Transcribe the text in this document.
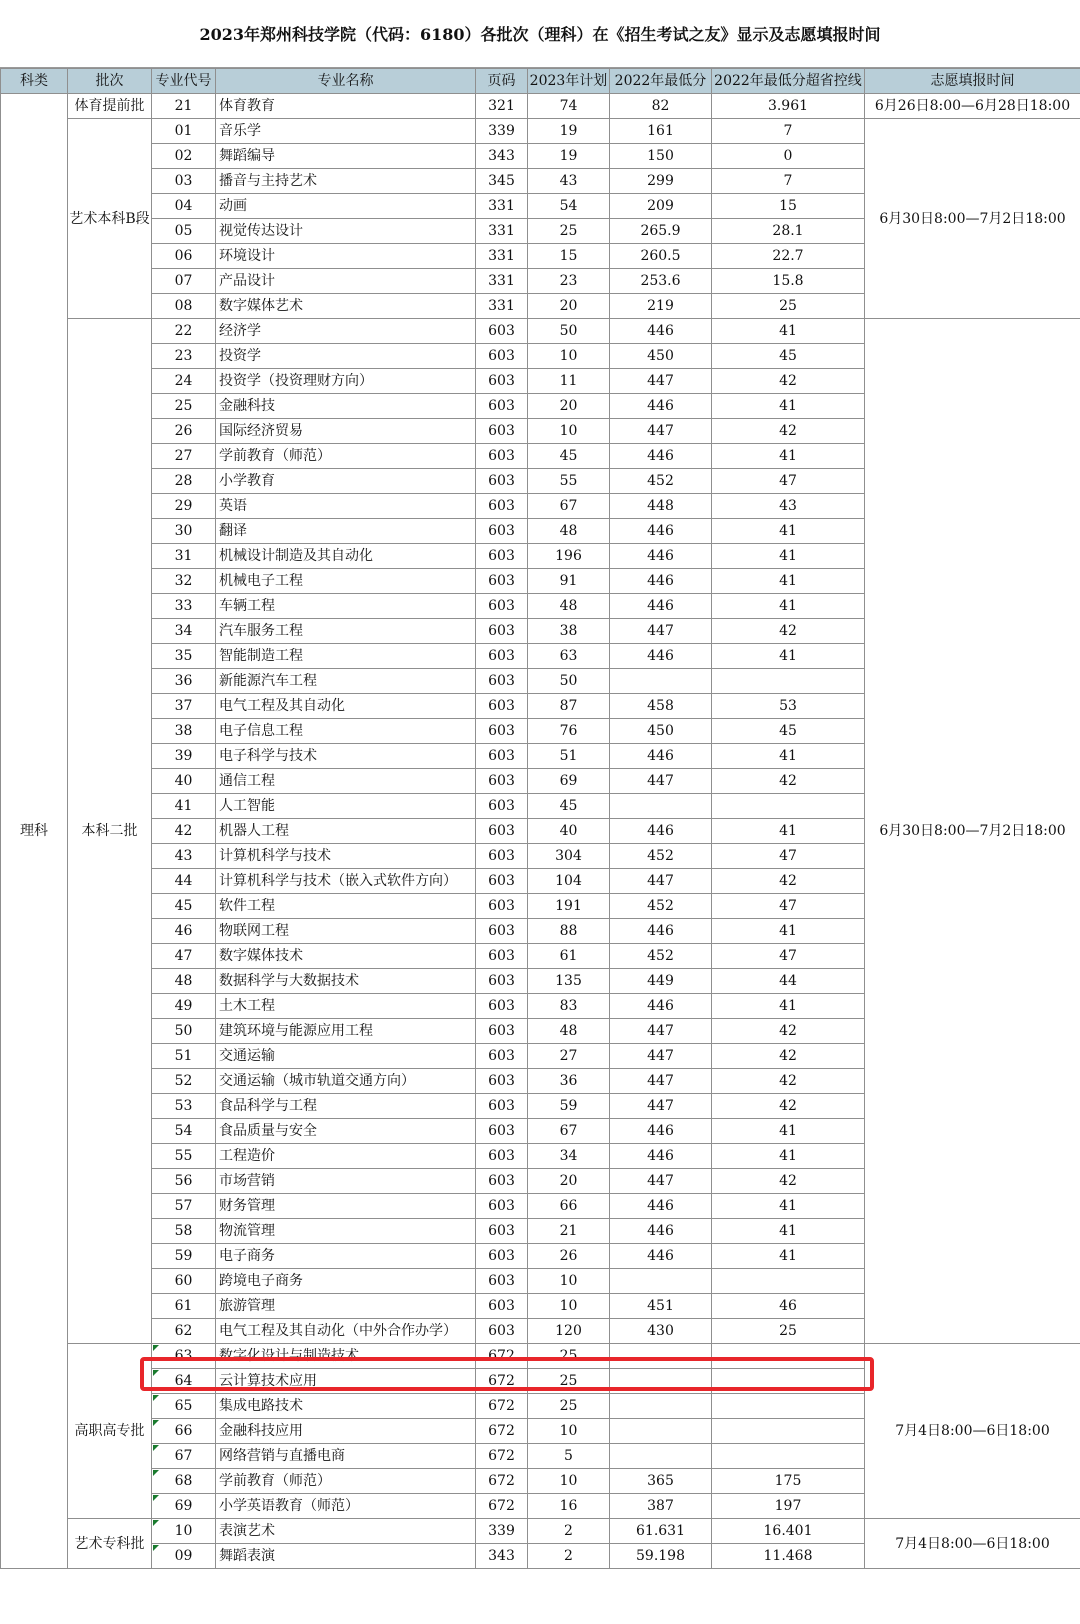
2023年郑州科技学院（代码：6180）各批次（理科）在《招生考试之友》显示及志愿填报时间
科类	批次	专业代号	专业名称	页码	2023年计划	2022年最低分	2022年最低分超省控线	志愿填报时间
理科	体育提前批	21	体育教育	321	74	82	3.961	6月26日8:00—6月28日18:00
	艺术本科B段	01	音乐学	339	19	161	7	6月30日8:00—7月2日18:00
		02	舞蹈编导	343	19	150	0	
		03	播音与主持艺术	345	43	299	7	
		04	动画	331	54	209	15	
		05	视觉传达设计	331	25	265.9	28.1	
		06	环境设计	331	15	260.5	22.7	
		07	产品设计	331	23	253.6	15.8	
		08	数字媒体艺术	331	20	219	25	
	本科二批	22	经济学	603	50	446	41	6月30日8:00—7月2日18:00
		23	投资学	603	10	450	45	
		24	投资学（投资理财方向）	603	11	447	42	
		25	金融科技	603	20	446	41	
		26	国际经济贸易	603	10	447	42	
		27	学前教育（师范）	603	45	446	41	
		28	小学教育	603	55	452	47	
		29	英语	603	67	448	43	
		30	翻译	603	48	446	41	
		31	机械设计制造及其自动化	603	196	446	41	
		32	机械电子工程	603	91	446	41	
		33	车辆工程	603	48	446	41	
		34	汽车服务工程	603	38	447	42	
		35	智能制造工程	603	63	446	41	
		36	新能源汽车工程	603	50			
		37	电气工程及其自动化	603	87	458	53	
		38	电子信息工程	603	76	450	45	
		39	电子科学与技术	603	51	446	41	
		40	通信工程	603	69	447	42	
		41	人工智能	603	45			
		42	机器人工程	603	40	446	41	
		43	计算机科学与技术	603	304	452	47	
		44	计算机科学与技术（嵌入式软件方向）	603	104	447	42	
		45	软件工程	603	191	452	47	
		46	物联网工程	603	88	446	41	
		47	数字媒体技术	603	61	452	47	
		48	数据科学与大数据技术	603	135	449	44	
		49	土木工程	603	83	446	41	
		50	建筑环境与能源应用工程	603	48	447	42	
		51	交通运输	603	27	447	42	
		52	交通运输（城市轨道交通方向）	603	36	447	42	
		53	食品科学与工程	603	59	447	42	
		54	食品质量与安全	603	67	446	41	
		55	工程造价	603	34	446	41	
		56	市场营销	603	20	447	42	
		57	财务管理	603	66	446	41	
		58	物流管理	603	21	446	41	
		59	电子商务	603	26	446	41	
		60	跨境电子商务	603	10			
		61	旅游管理	603	10	451	46	
		62	电气工程及其自动化（中外合作办学）	603	120	430	25	
	高职高专批	63	数字化设计与制造技术	672	25			7月4日8:00—6日18:00
		64	云计算技术应用	672	25			
		65	集成电路技术	672	25			
		66	金融科技应用	672	10			
		67	网络营销与直播电商	672	5			
		68	学前教育（师范）	672	10	365	175	
		69	小学英语教育（师范）	672	16	387	197	
	艺术专科批	10	表演艺术	339	2	61.631	16.401	7月4日8:00—6日18:00
		09	舞蹈表演	343	2	59.198	11.468	
